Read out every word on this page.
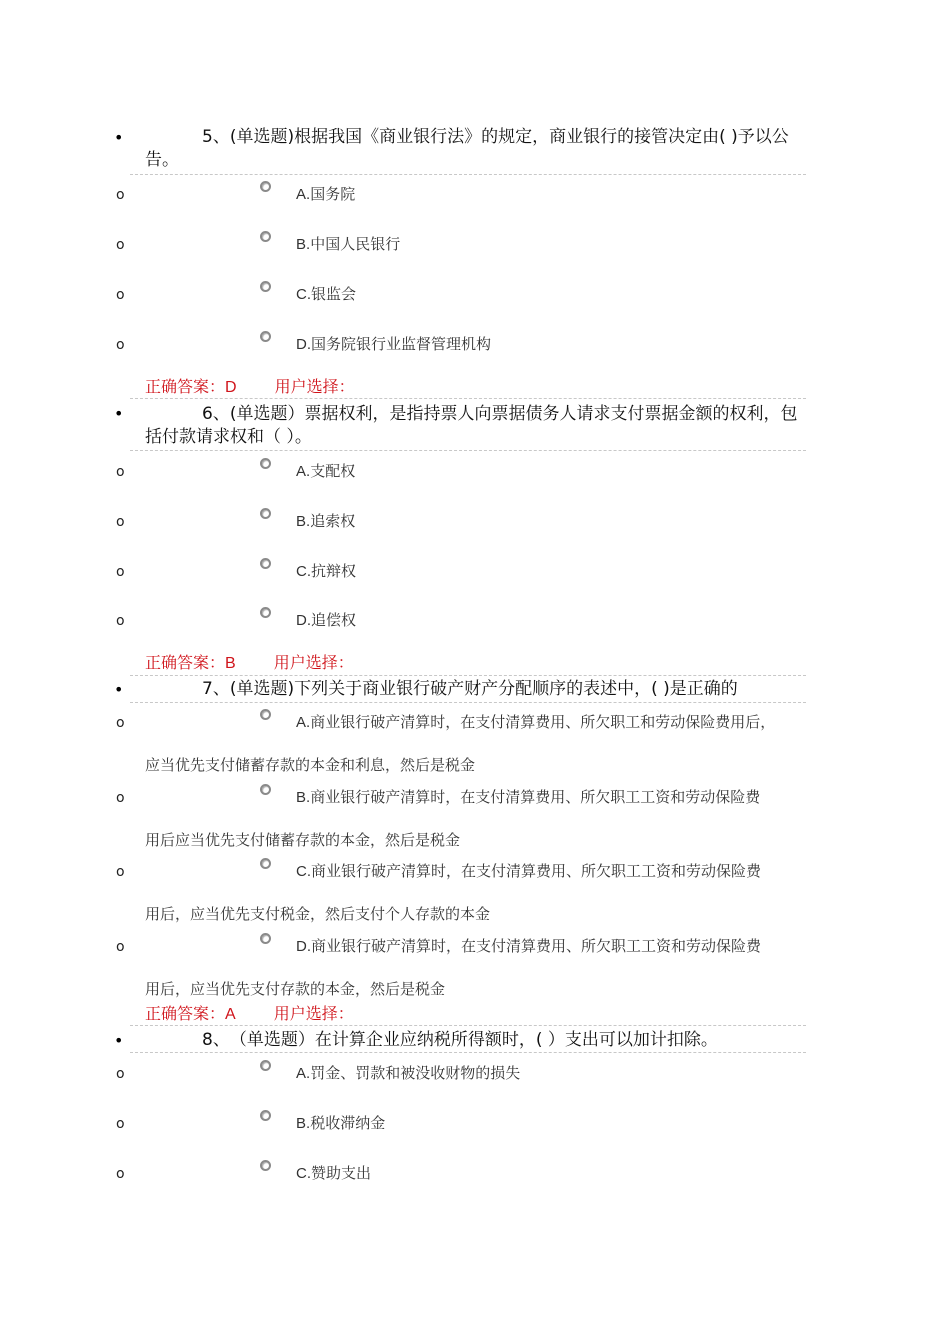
•	5、(单选题)根据我国《商业银行法》的规定，商业银行的接管决定由( )予以公告。
o	A.国务院
o	B.中国人民银行
o	C.银监会
o	D.国务院银行业监督管理机构
正确答案：D 用户选择：
•	6、(单选题）票据权利，是指持票人向票据债务人请求支付票据金额的权利，包括付款请求权和（ ）。
o	A.支配权
o	B.追索权
o	C.抗辩权
o	D.追偿权
正确答案：B 用户选择：
•	7、(单选题)下列关于商业银行破产财产分配顺序的表述中，( )是正确的
o	A.商业银行破产清算时，在支付清算费用、所欠职工和劳动保险费用后，
应当优先支付储蓄存款的本金和利息，然后是税金
o	B.商业银行破产清算时，在支付清算费用、所欠职工工资和劳动保险费
用后应当优先支付储蓄存款的本金，然后是税金
o	C.商业银行破产清算时，在支付清算费用、所欠职工工资和劳动保险费
用后，应当优先支付税金，然后支付个人存款的本金
o	D.商业银行破产清算时，在支付清算费用、所欠职工工资和劳动保险费
用后，应当优先支付存款的本金，然后是税金
正确答案：A 用户选择：
•	8、（单选题）在计算企业应纳税所得额时，( ）支出可以加计扣除。
o	A.罚金、罚款和被没收财物的损失
o	B.税收滞纳金
o	C.赞助支出
